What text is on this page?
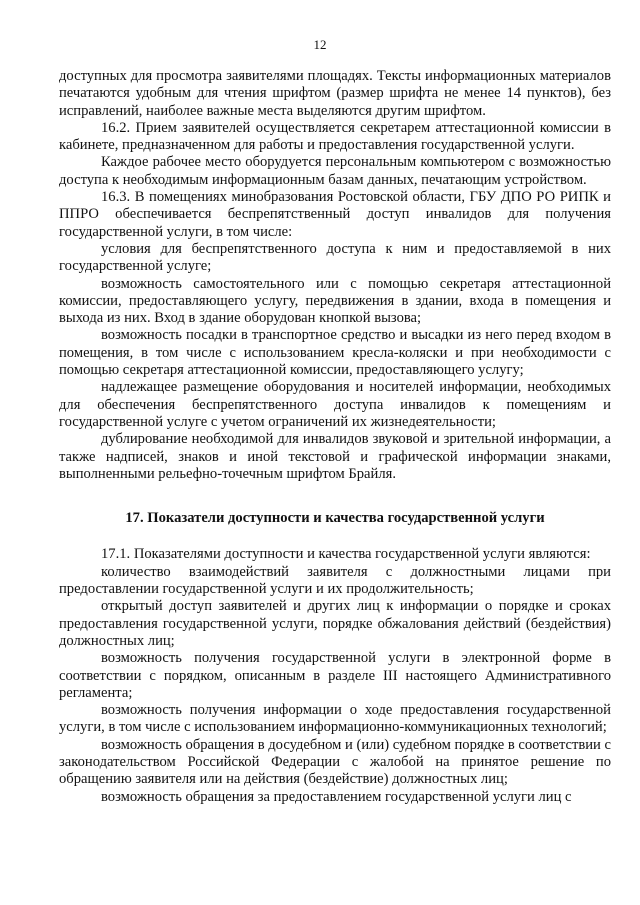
12

доступных для просмотра заявителями площадях. Тексты информационных материалов печатаются удобным для чтения шрифтом (размер шрифта не менее 14 пунктов), без исправлений, наиболее важные места выделяются другим шрифтом.

16.2. Прием заявителей осуществляется секретарем аттестационной комиссии в кабинете, предназначенном для работы и предоставления государственной услуги.

Каждое рабочее место оборудуется персональным компьютером с возможностью доступа к необходимым информационным базам данных, печатающим устройством.

16.3. В помещениях минобразования Ростовской области, ГБУ ДПО РО РИПК и ППРО обеспечивается беспрепятственный доступ инвалидов для получения государственной услуги, в том числе:

условия для беспрепятственного доступа к ним и предоставляемой в них государственной услуге;

возможность самостоятельного или с помощью секретаря аттестационной комиссии, предоставляющего услугу, передвижения в здании, входа в помещения и выхода из них. Вход в здание оборудован кнопкой вызова;

возможность посадки в транспортное средство и высадки из него перед входом в помещения, в том числе с использованием кресла-коляски и при необходимости с помощью секретаря аттестационной комиссии, предоставляющего услугу;

надлежащее размещение оборудования и носителей информации, необходимых для обеспечения беспрепятственного доступа инвалидов к помещениям и государственной услуге с учетом ограничений их жизнедеятельности;

дублирование необходимой для инвалидов звуковой и зрительной информации, а также надписей, знаков и иной текстовой и графической информации знаками, выполненными рельефно-точечным шрифтом Брайля.

17. Показатели доступности и качества государственной услуги

17.1. Показателями доступности и качества государственной услуги являются:

количество взаимодействий заявителя с должностными лицами при предоставлении государственной услуги и их продолжительность;

открытый доступ заявителей и других лиц к информации о порядке и сроках предоставления государственной услуги, порядке обжалования действий (бездействия) должностных лиц;

возможность получения государственной услуги в электронной форме в соответствии с порядком, описанным в разделе III настоящего Административного регламента;

возможность получения информации о ходе предоставления государственной услуги, в том числе с использованием информационно-коммуникационных технологий;

возможность обращения в досудебном и (или) судебном порядке в соответствии с законодательством Российской Федерации с жалобой на принятое решение по обращению заявителя или на действия (бездействие) должностных лиц;

возможность обращения за предоставлением государственной услуги лиц с
